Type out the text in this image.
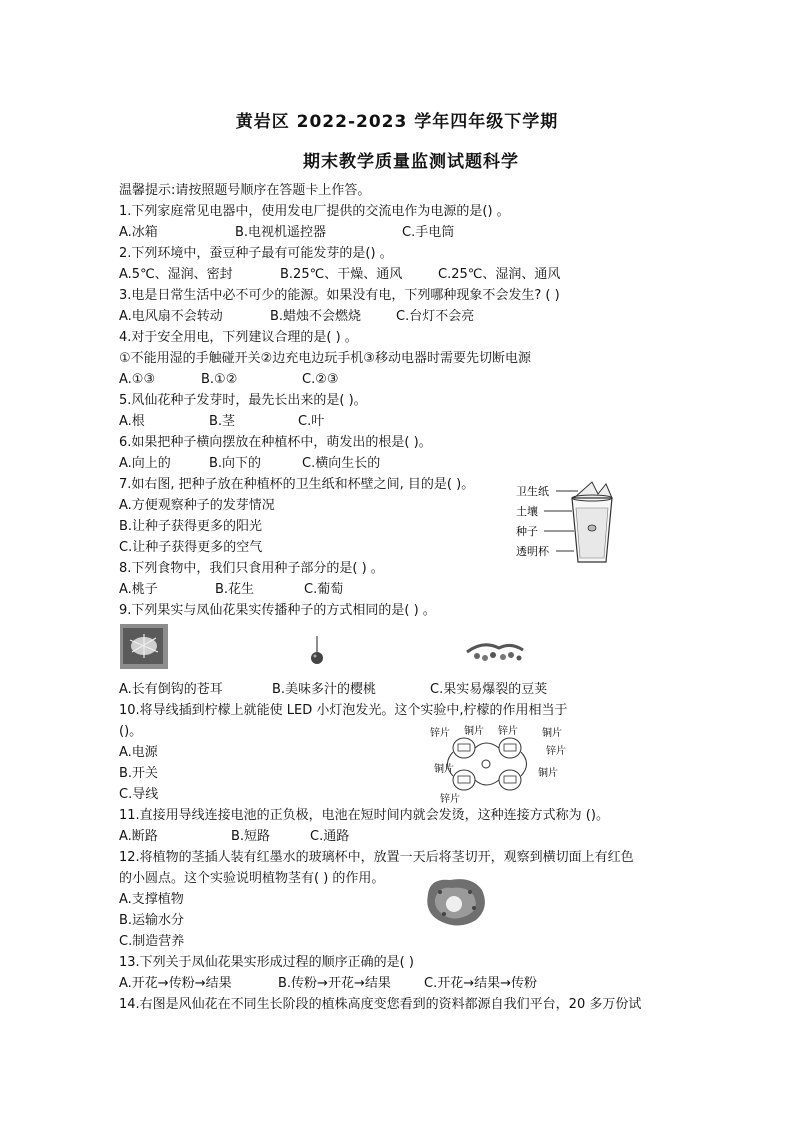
黄岩区 2022-2023 学年四年级下学期
期末教学质量监测试题科学
温馨提示:请按照题号顺序在答题卡上作答。
1.下列家庭常见电器中，使用发电厂提供的交流电作为电源的是() 。
A.冰箱	B.电视机遥控器	C.手电筒
2.下列环境中，蚕豆种子最有可能发芽的是() 。
A.5℃、湿润、密封	B.25℃、干燥、通风	C.25℃、湿润、通风
3.电是日常生活中必不可少的能源。如果没有电，下列哪种现象不会发生? ( )
A.电风扇不会转动	B.蜡烛不会燃烧	C.台灯不会亮
4.对于安全用电，下列建议合理的是( ) 。
①不能用湿的手触碰开关②边充电边玩手机③移动电器时需要先切断电源
A.①③	B.①②	C.②③
5.风仙花种子发芽时，最先长出来的是( )。
A.根	B.茎	C.叶
6.如果把种子横向摆放在种植杯中，萌发出的根是( )。
A.向上的	B.向下的	C.横向生长的
7.如右图, 把种子放在种植杯的卫生纸和杯壁之间, 目的是( )。
A.方便观察种子的发芽情况
B.让种子获得更多的阳光
C.让种子获得更多的空气
卫生纸
土壤
种子
透明杯
8.下列食物中，我们只食用种子部分的是( ) 。
A.桃子	B.花生	C.葡萄
9.下列果实与凤仙花果实传播种子的方式相同的是( ) 。
A.长有倒钩的苍耳	B.美味多汁的樱桃	C.果实易爆裂的豆荚
10.将导线插到柠檬上就能使 LED 小灯泡发光。这个实验中,柠檬的作用相当于
()。
A.电源
B.开关
C.导线
锌片 铜片 锌片 铜片
锌片
铜片	铜片
锌片
11.直接用导线连接电池的正负极，电池在短时间内就会发烫，这种连接方式称为 ()。
A.断路	B.短路	C.通路
12.将植物的茎插人装有红墨水的玻璃杯中，放置一天后将茎切开，观察到横切面上有红色
的小圆点。这个实验说明植物茎有( ) 的作用。
A.支撑植物
B.运输水分
C.制造营养
13.下列关于凤仙花果实形成过程的顺序正确的是( )
A.开花→传粉→结果	B.传粉→开花→结果	C.开花→结果→传粉
14.右图是风仙花在不同生长阶段的植株高度变您看到的资料都源自我们平台，20 多万份试
